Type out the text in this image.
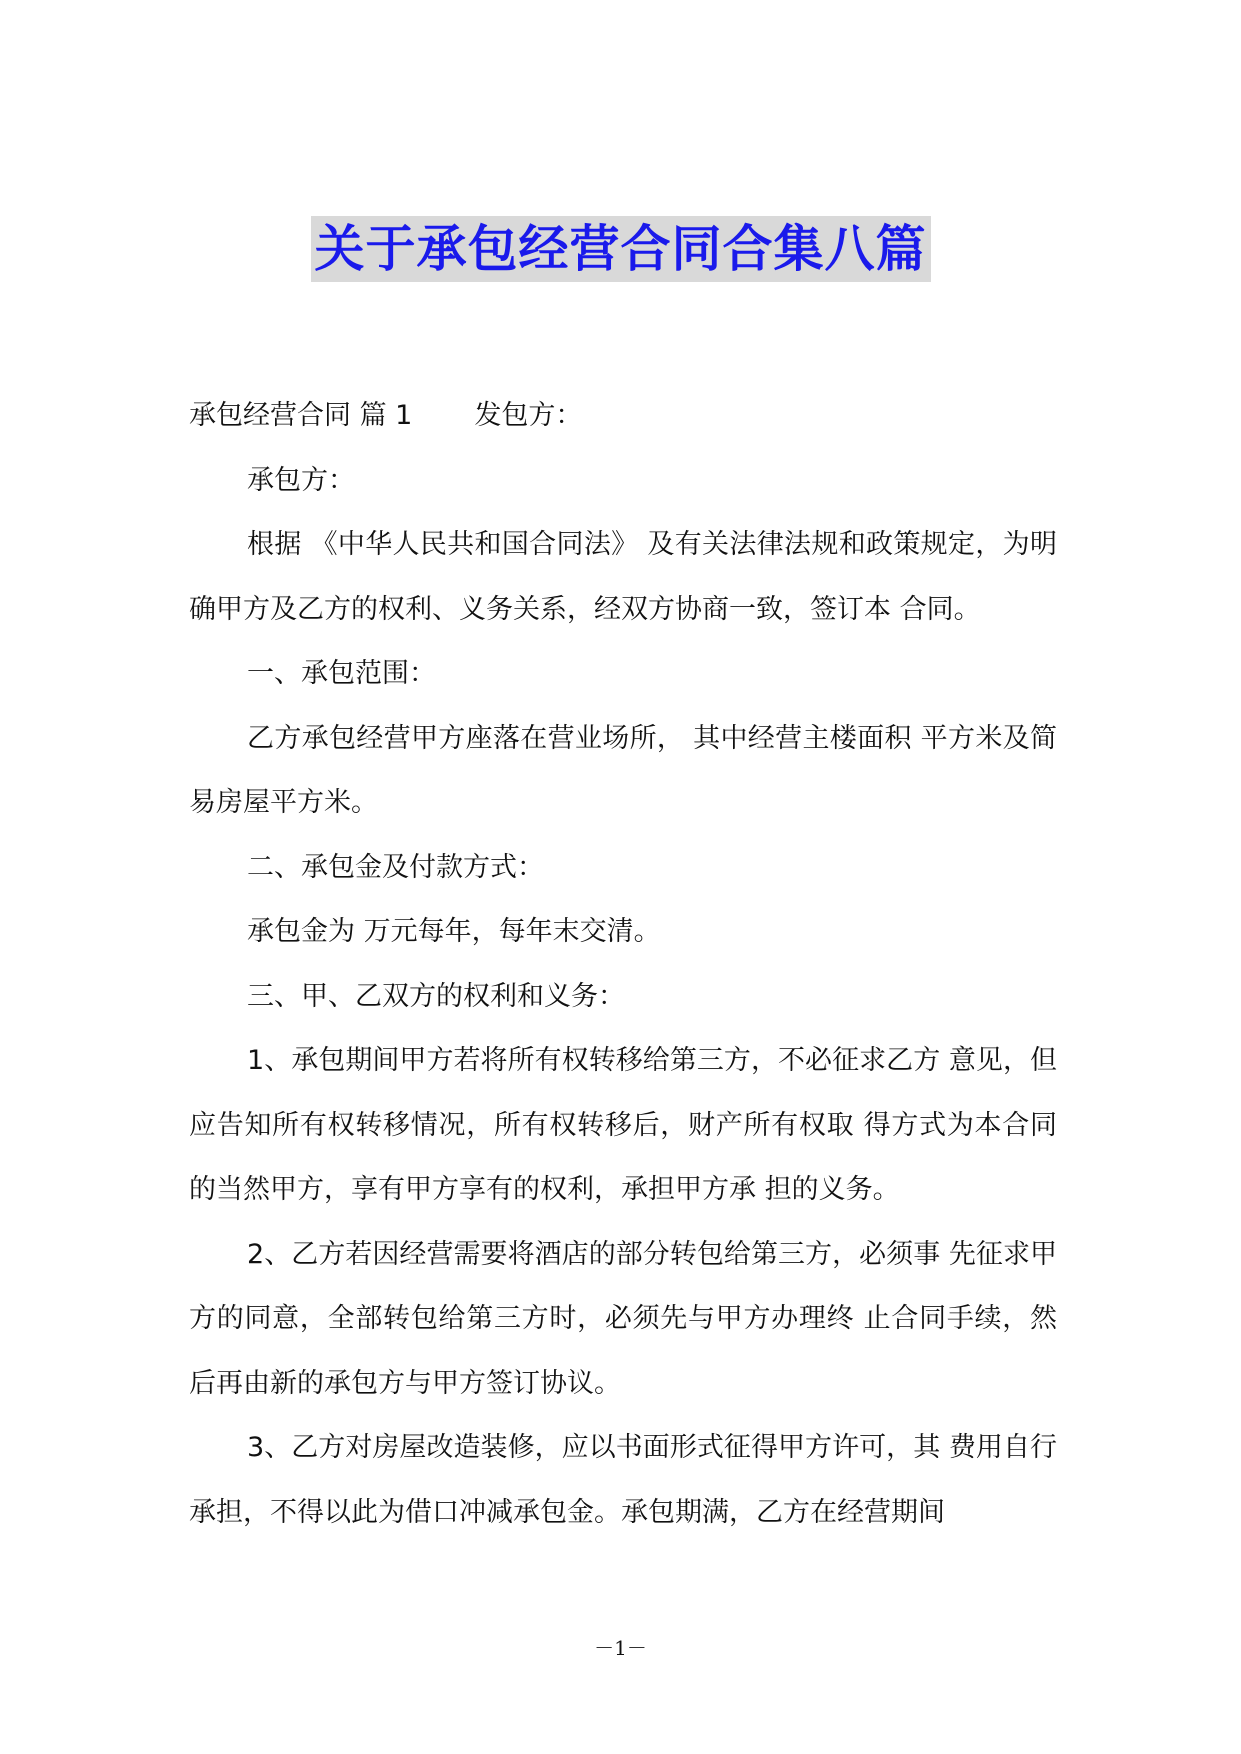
关于承包经营合同合集八篇

承包经营合同 篇 1 发包方：

承包方：

根据 《中华人民共和国合同法》 及有关法律法规和政策规定，为明确甲方及乙方的权利、义务关系，经双方协商一致，签订本 合同。

一、承包范围：

乙方承包经营甲方座落在营业场所， 其中经营主楼面积 平方米及简易房屋平方米。

二、承包金及付款方式：

承包金为 万元每年，每年末交清。

三、甲、乙双方的权利和义务：

1、承包期间甲方若将所有权转移给第三方，不必征求乙方 意见，但应告知所有权转移情况，所有权转移后，财产所有权取 得方式为本合同的当然甲方，享有甲方享有的权利，承担甲方承 担的义务。

2、乙方若因经营需要将酒店的部分转包给第三方，必须事 先征求甲方的同意，全部转包给第三方时，必须先与甲方办理终 止合同手续，然后再由新的承包方与甲方签订协议。

3、乙方对房屋改造装修，应以书面形式征得甲方许可，其 费用自行承担，不得以此为借口冲减承包金。承包期满，乙方在经营期间

－1－
